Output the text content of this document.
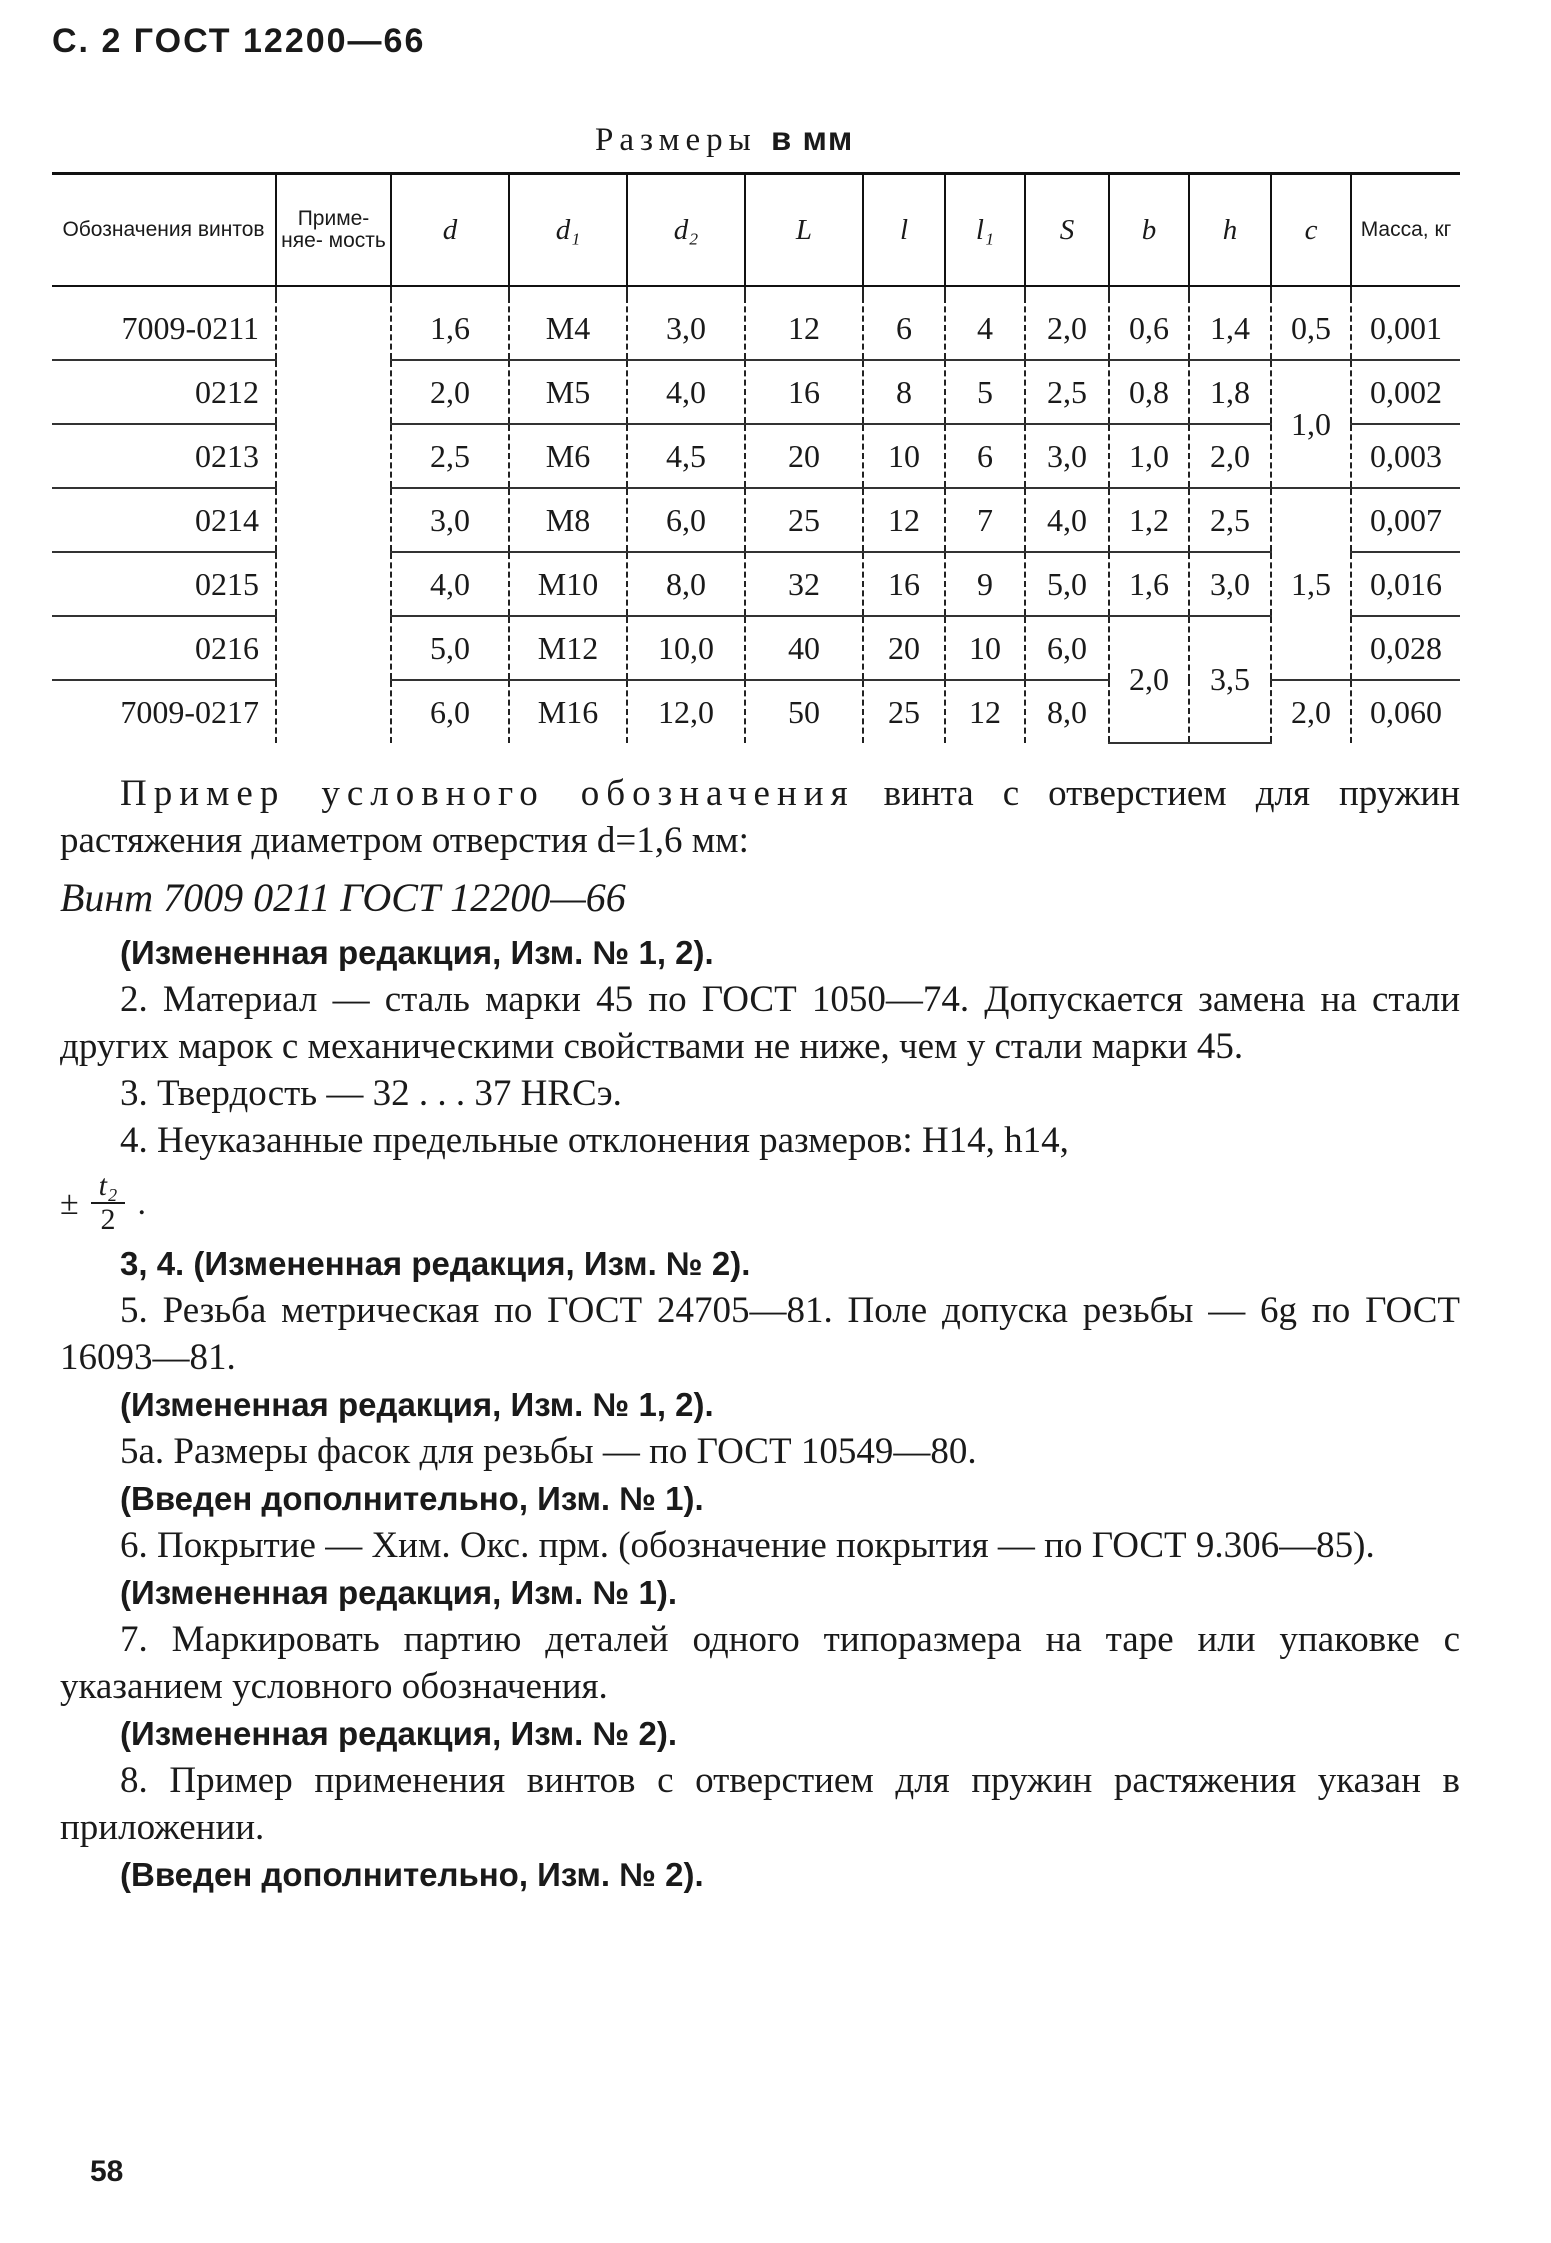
С. 2 ГОСТ 12200—66
Размеры в мм
Обозначения винтов	Приме- няе- мость	d	d₁	d₂	L	l	l₁	S	b	h	c	Масса, кг

7009-0211		1,6	М4	3,0	12	6	4	2,0	0,6	1,4	0,5	0,001
0212		2,0	М5	4,0	16	8	5	2,5	0,8	1,8	1,0	0,002
0213		2,5	М6	4,5	20	10	6	3,0	1,0	2,0		0,003
0214		3,0	М8	6,0	25	12	7	4,0	1,2	2,5	1,5	0,007
0215		4,0	М10	8,0	32	16	9	5,0	1,6	3,0		0,016
0216		5,0	М12	10,0	40	20	10	6,0	2,0	3,5		0,028
7009-0217		6,0	М16	12,0	50	25	12	8,0			2,0	0,060

Пример условного обозначения винта с отверстием для пружин растяжения диаметром отверстия d=1,6 мм:

Винт 7009 0211 ГОСТ 12200—66

(Измененная редакция, Изм. № 1, 2).

2. Материал — сталь марки 45 по ГОСТ 1050—74. Допускается замена на стали других марок с механическими свойствами не ниже, чем у стали марки 45.

3. Твердость — 32 . . . 37 HRCэ.

4. Неуказанные предельные отклонения размеров: H14, h14,

± $\frac{\text{t₂}}{2}$ .

3, 4. (Измененная редакция, Изм. № 2).

5. Резьба метрическая по ГОСТ 24705—81. Поле допуска резьбы — 6g по ГОСТ 16093—81.

(Измененная редакция, Изм. № 1, 2).

5а. Размеры фасок для резьбы — по ГОСТ 10549—80.

(Введен дополнительно, Изм. № 1).

6. Покрытие — Хим. Окс. прм. (обозначение покрытия — по ГОСТ 9.306—85).

(Измененная редакция, Изм. № 1).

7. Маркировать партию деталей одного типоразмера на таре или упаковке с указанием условного обозначения.

(Измененная редакция, Изм. № 2).

8. Пример применения винтов с отверстием для пружин растяжения указан в приложении.

(Введен дополнительно, Изм. № 2).

58
